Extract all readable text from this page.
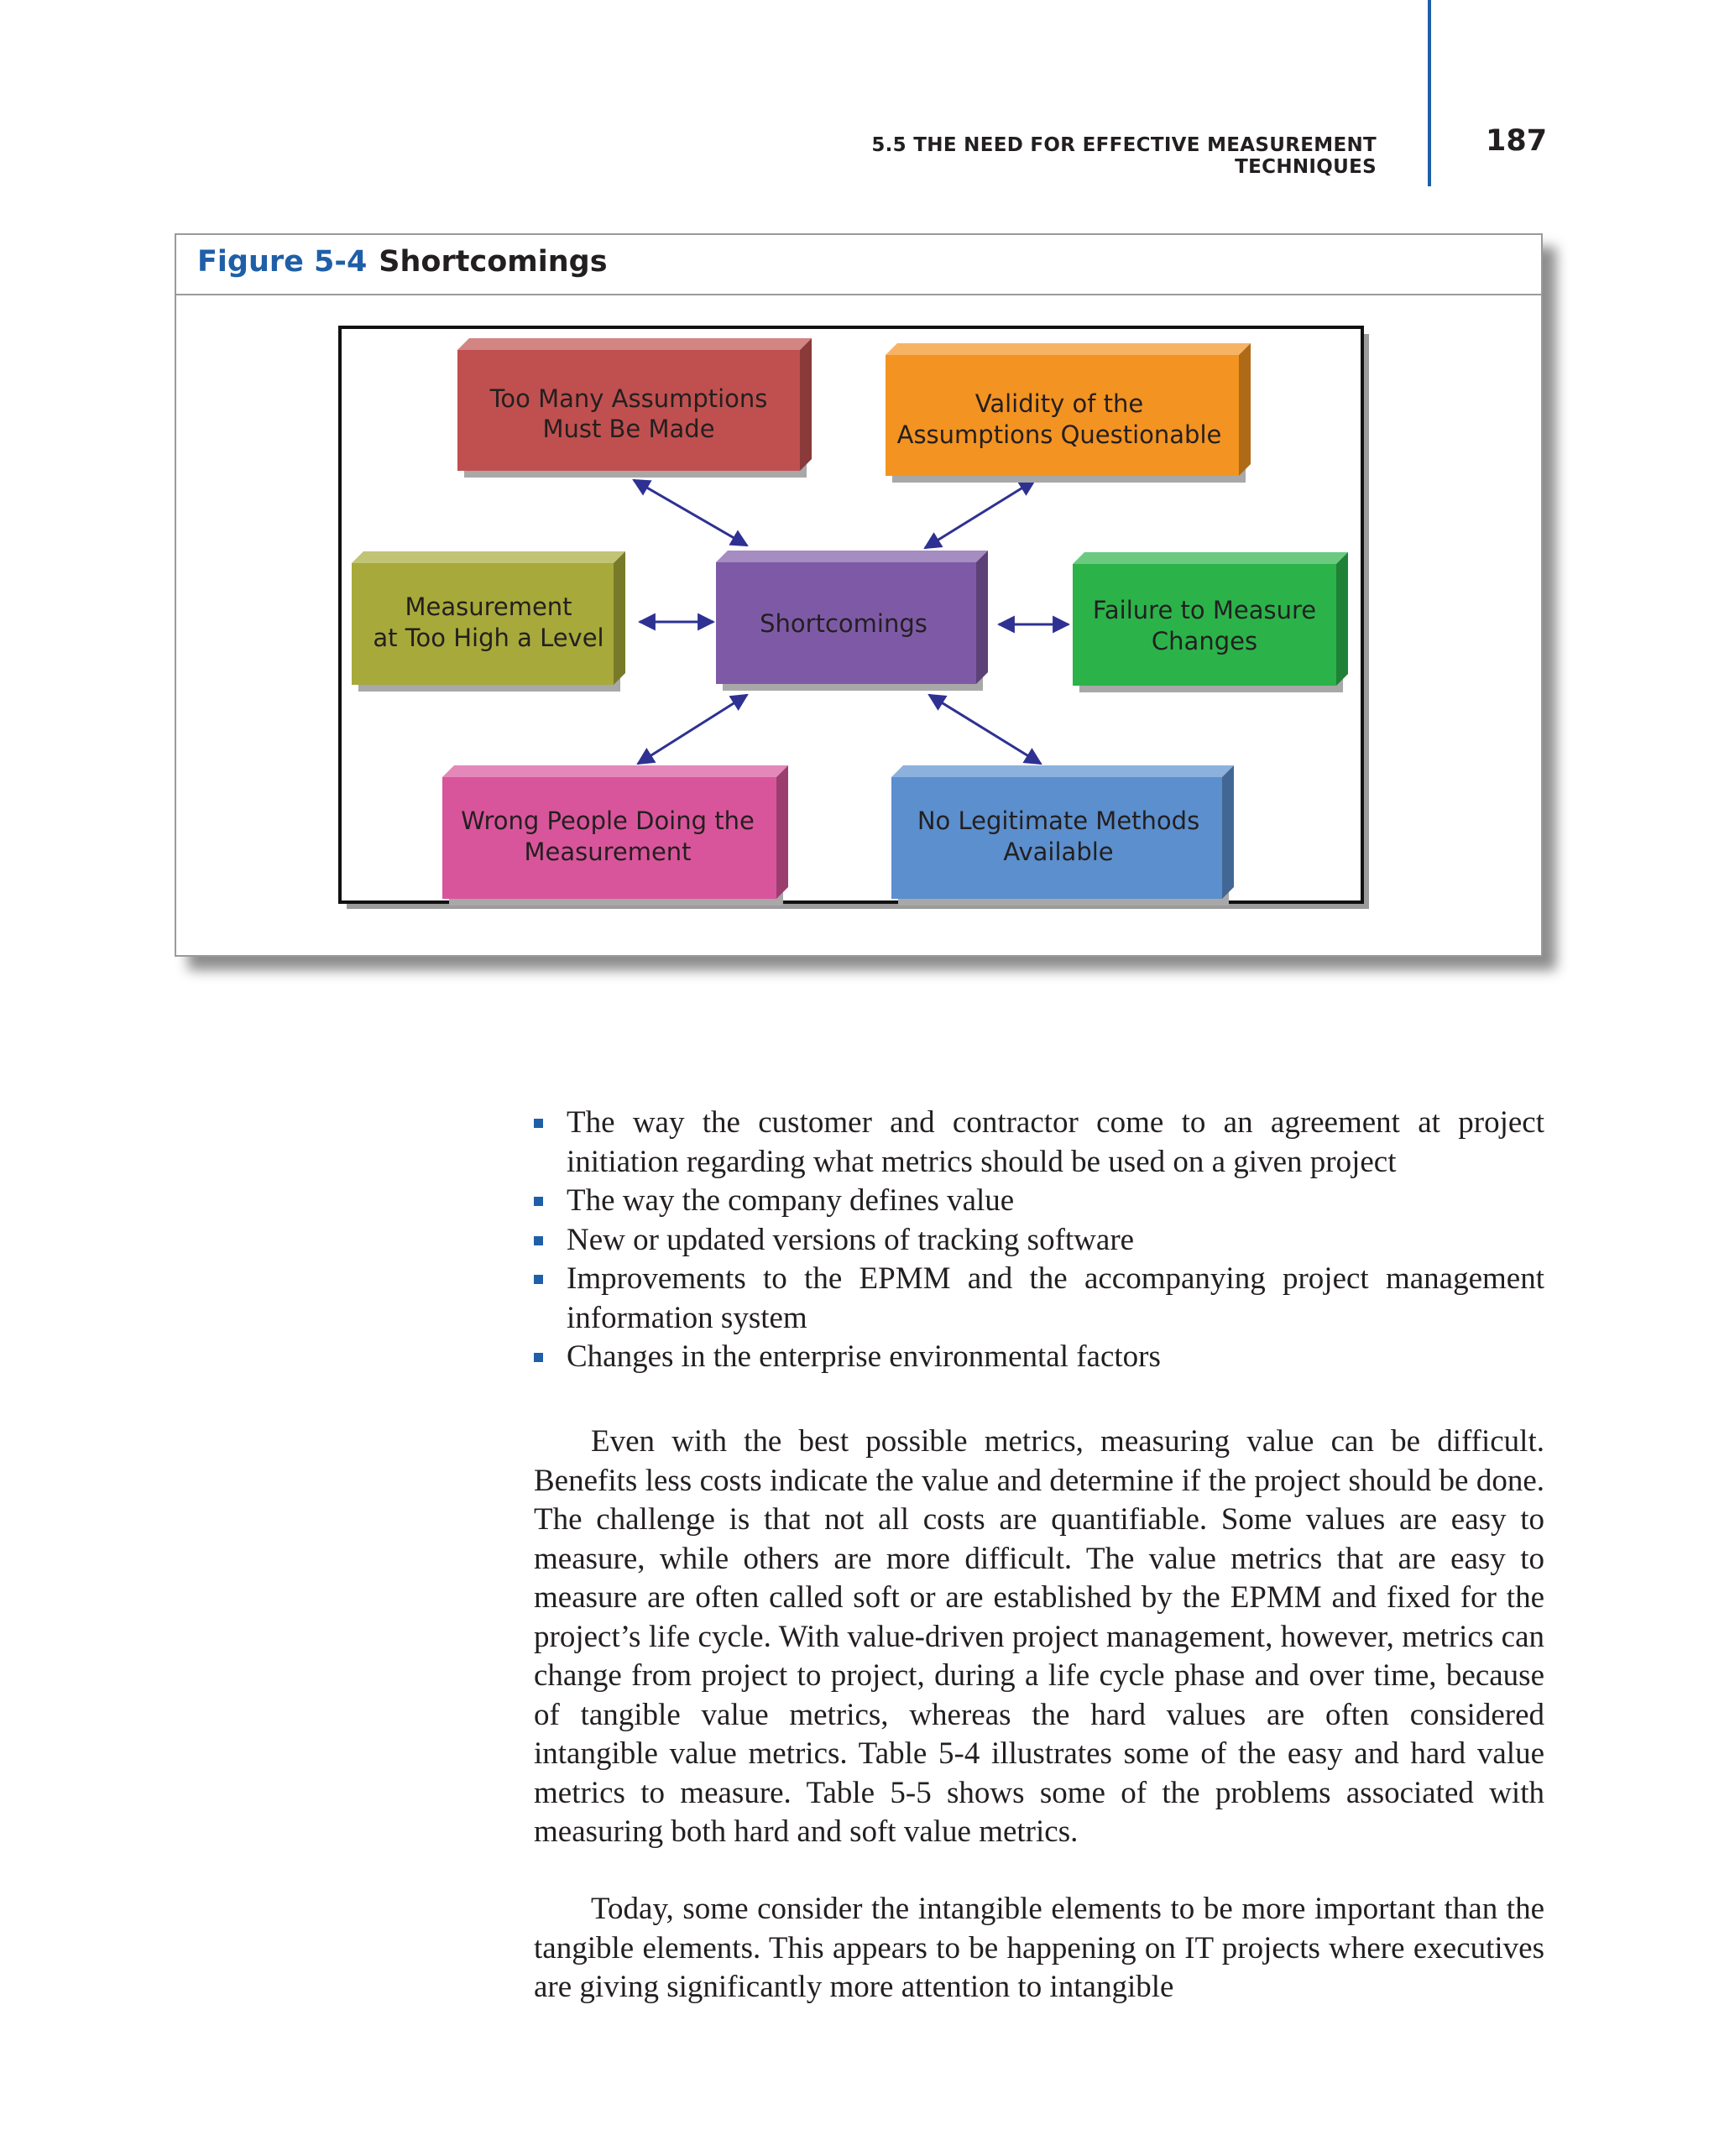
5.5 THE NEED FOR EFFECTIVE MEASUREMENT TECHNIQUES
187
Figure 5-4 Shortcomings
Too Many Assumptions
Must Be Made
Validity of the
Assumptions Questionable
Measurement
at Too High a Level	Shortcomings	Failure to Measure
Changes
Wrong People Doing the
Measurement
No Legitimate Methods
Available
The way the customer and contractor come to an agreement at project initiation regarding what metrics should be used on a given project
The way the company defines value
New or updated versions of tracking software
Improvements to the EPMM and the accompanying project management information system
Changes in the enterprise environmental factors

Even with the best possible metrics, measuring value can be difficult. Benefits less costs indicate the value and determine if the project should be done. The challenge is that not all costs are quantifiable. Some values are easy to measure, while others are more difficult. The value metrics that are easy to measure are often called soft or are established by the EPMM and fixed for the project’s life cycle. With value-driven project management, however, metrics can change from project to project, during a life cycle phase and over time, because of tangible value metrics, whereas the hard values are often considered intangible value metrics. Table 5-4 illustrates some of the easy and hard value metrics to measure. Table 5-5 shows some of the problems associated with measuring both hard and soft value metrics.

Today, some consider the intangible elements to be more important than the tangible elements. This appears to be happening on IT projects where executives are giving significantly more attention to intangible
